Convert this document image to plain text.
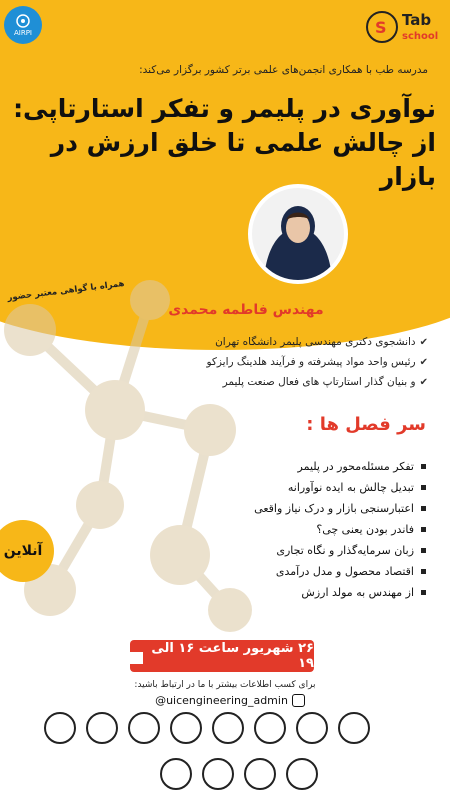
AIRPI	S Tab
school
مدرسه طب با همکاری انجمن‌های علمی برتر کشور برگزار می‌کند:
نوآوری در پلیمر و تفکر استارتاپی:
از چالش علمی تا خلق ارزش در بازار
همراه با گواهی معتبر حضور
مهندس فاطمه محمدی
✔
دانشجوی دکتری مهندسی پلیمر دانشگاه تهران
✔
رئیس واحد مواد پیشرفته و فرآیند هلدینگ رایزکو
✔
و بنیان گذار استارتاپ های فعال صنعت پلیمر
سر فصل ها :
تفکر مسئله‌محور در پلیمر
تبدیل چالش به ایده نوآورانه
اعتبارسنجی بازار و درک نیاز واقعی
فاندر بودن یعنی چی؟
زبان سرمایه‌گذار و نگاه تجاری
اقتصاد محصول و مدل درآمدی
از مهندس به مولد ارزش
آنلاین
۲۶ شهریور ساعت ۱۶ الی ۱۹
برای کسب اطلاعات بیشتر با ما در ارتباط باشید:
@uicengineering_admin
